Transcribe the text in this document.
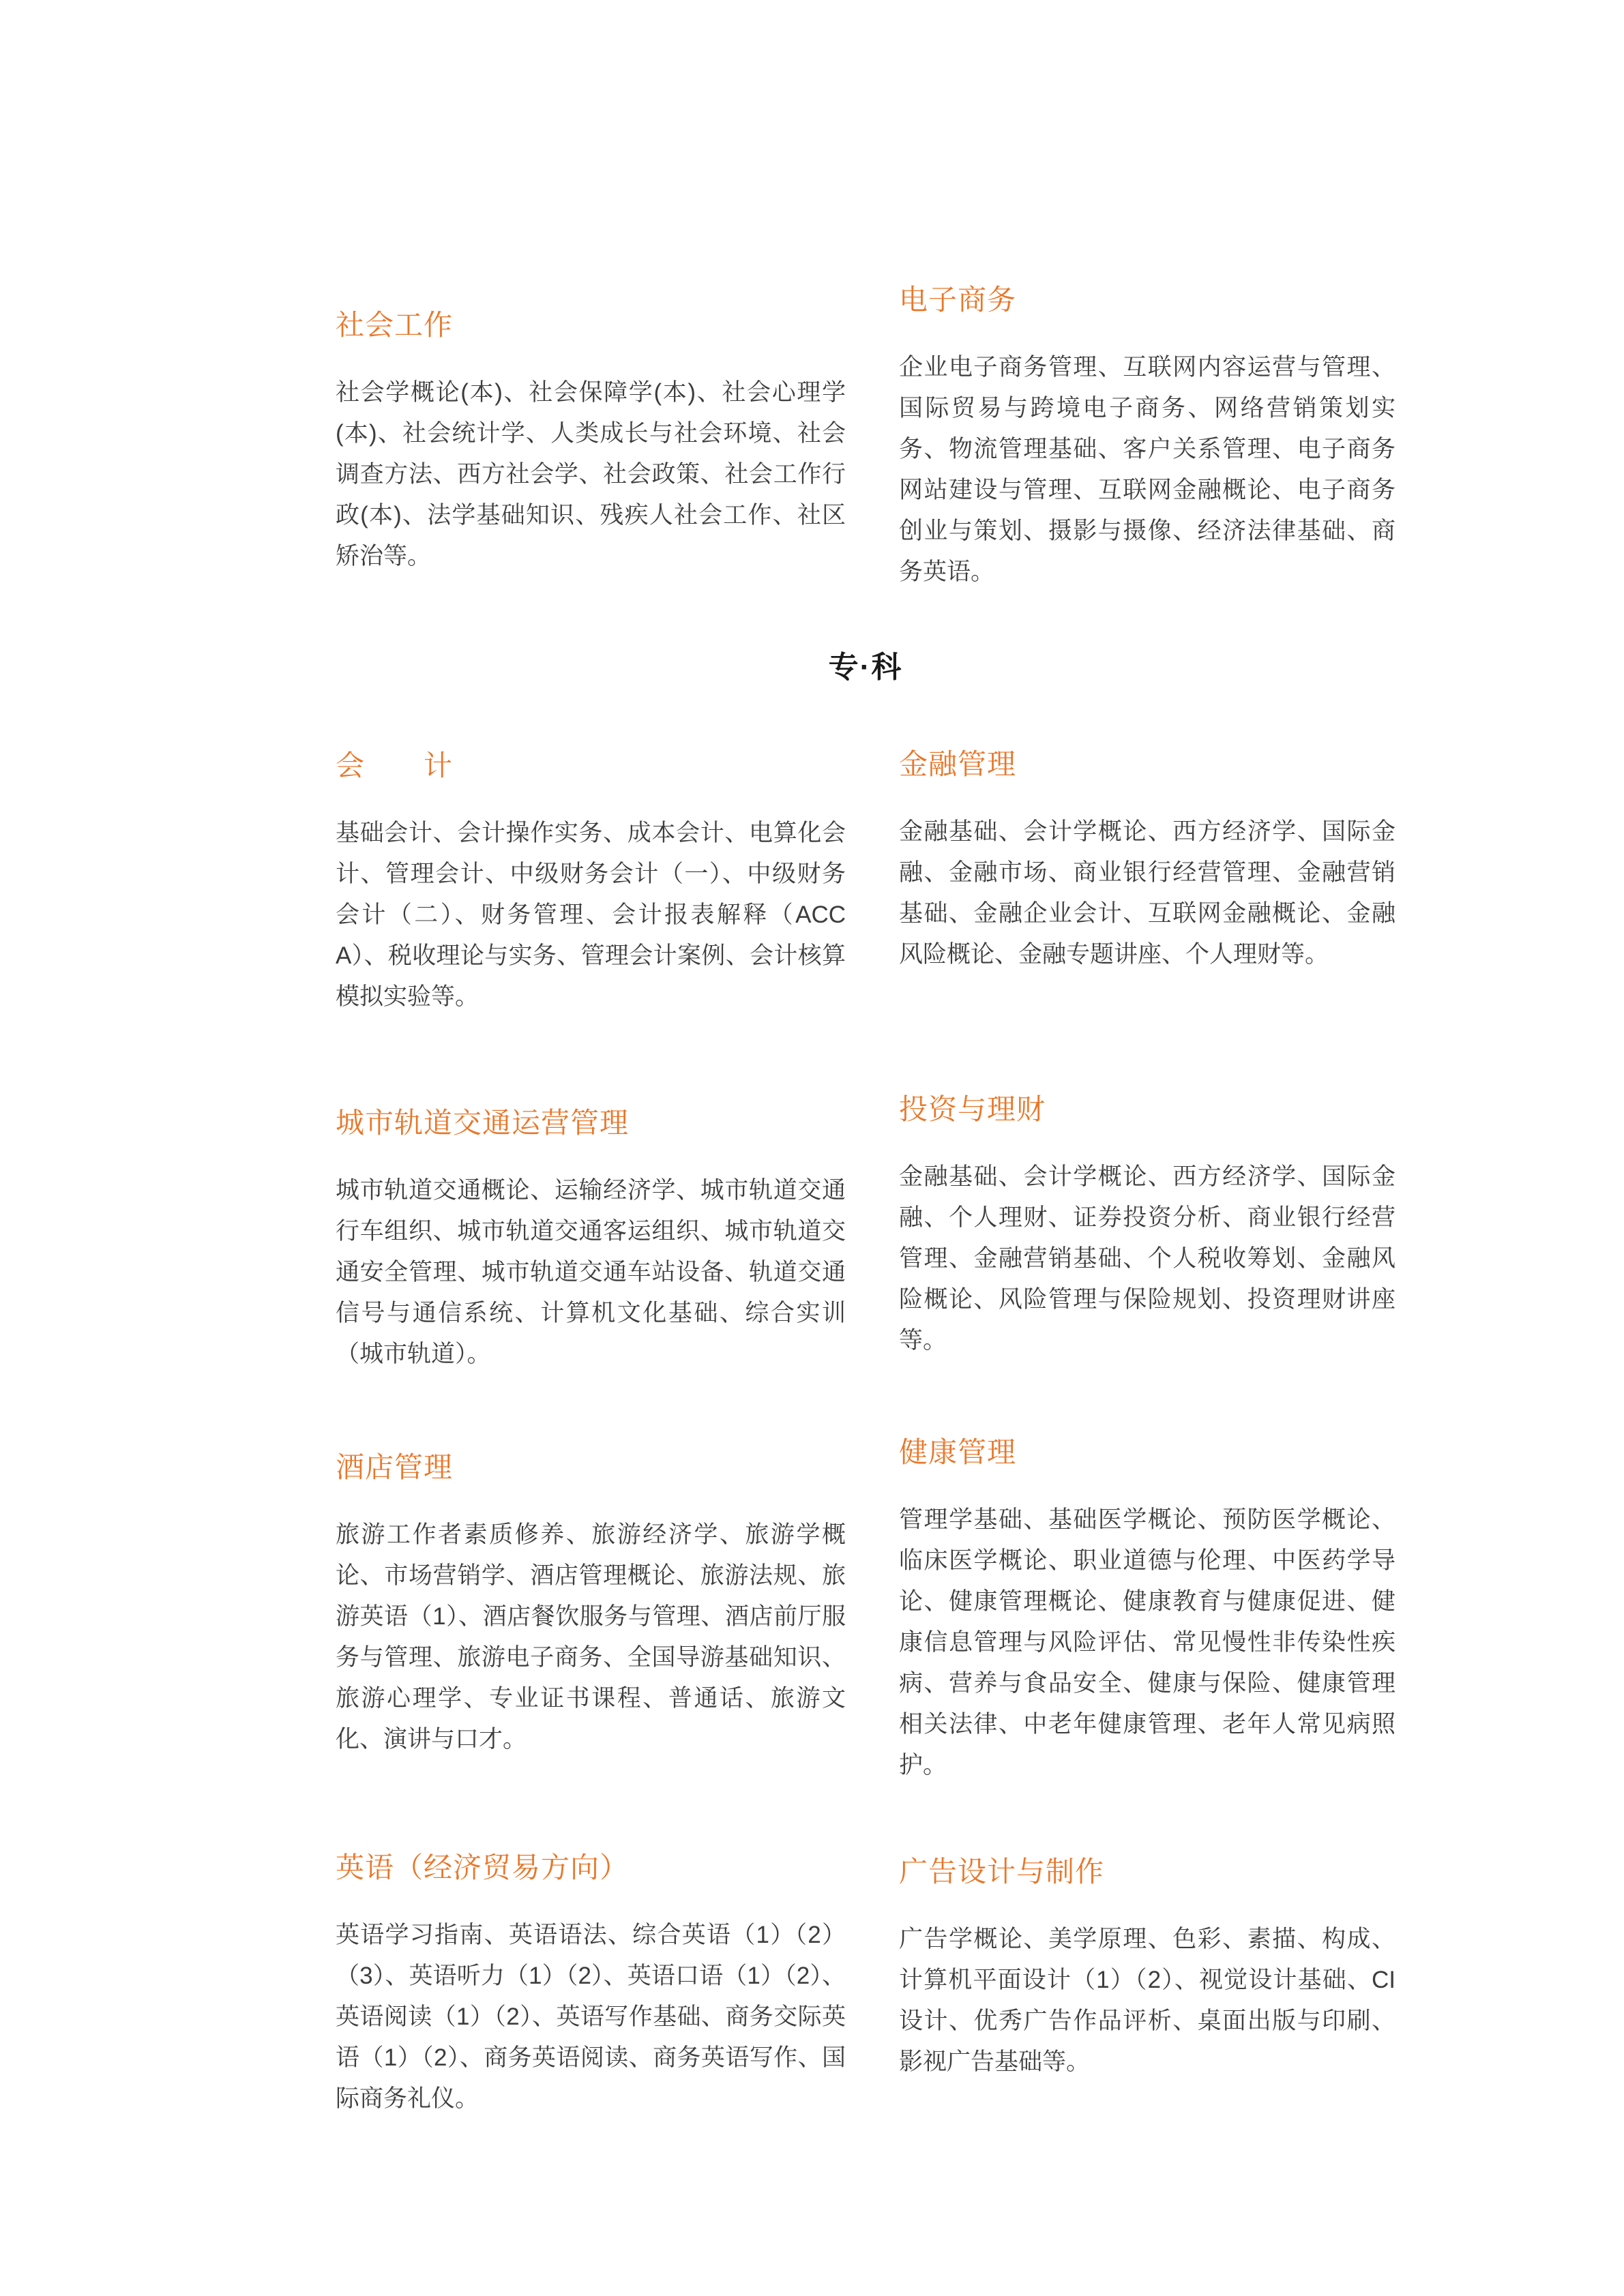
社会工作

社会学概论(本)、社会保障学(本)、社会心理学(本)、社会统计学、人类成长与社会环境、社会调查方法、西方社会学、社会政策、社会工作行政(本)、法学基础知识、残疾人社会工作、社区矫治等。

电子商务

企业电子商务管理、互联网内容运营与管理、国际贸易与跨境电子商务、网络营销策划实务、物流管理基础、客户关系管理、电子商务网站建设与管理、互联网金融概论、电子商务创业与策划、摄影与摄像、经济法律基础、商务英语。

专·科
会　　计

基础会计、会计操作实务、成本会计、电算化会计、管理会计、中级财务会计（一）、中级财务会计（二）、财务管理、会计报表解释（ACCA）、税收理论与实务、管理会计案例、会计核算模拟实验等。

金融管理

金融基础、会计学概论、西方经济学、国际金融、金融市场、商业银行经营管理、金融营销基础、金融企业会计、互联网金融概论、金融风险概论、金融专题讲座、个人理财等。

城市轨道交通运营管理

城市轨道交通概论、运输经济学、城市轨道交通行车组织、城市轨道交通客运组织、城市轨道交通安全管理、城市轨道交通车站设备、轨道交通信号与通信系统、计算机文化基础、综合实训（城市轨道）。

投资与理财

金融基础、会计学概论、西方经济学、国际金融、个人理财、证券投资分析、商业银行经营管理、金融营销基础、个人税收筹划、金融风险概论、风险管理与保险规划、投资理财讲座等。

酒店管理

旅游工作者素质修养、旅游经济学、旅游学概论、市场营销学、酒店管理概论、旅游法规、旅游英语（1）、酒店餐饮服务与管理、酒店前厅服务与管理、旅游电子商务、全国导游基础知识、旅游心理学、专业证书课程、普通话、旅游文化、演讲与口才。

健康管理

管理学基础、基础医学概论、预防医学概论、临床医学概论、职业道德与伦理、中医药学导论、健康管理概论、健康教育与健康促进、健康信息管理与风险评估、常见慢性非传染性疾病、营养与食品安全、健康与保险、健康管理相关法律、中老年健康管理、老年人常见病照护。

英语（经济贸易方向）

英语学习指南、英语语法、综合英语（1）（2）（3）、英语听力（1）（2）、英语口语（1）（2）、英语阅读（1）（2）、英语写作基础、商务交际英语（1）（2）、商务英语阅读、商务英语写作、国际商务礼仪。

广告设计与制作

广告学概论、美学原理、色彩、素描、构成、计算机平面设计（1）（2）、视觉设计基础、CI 设计、优秀广告作品评析、桌面出版与印刷、影视广告基础等。
